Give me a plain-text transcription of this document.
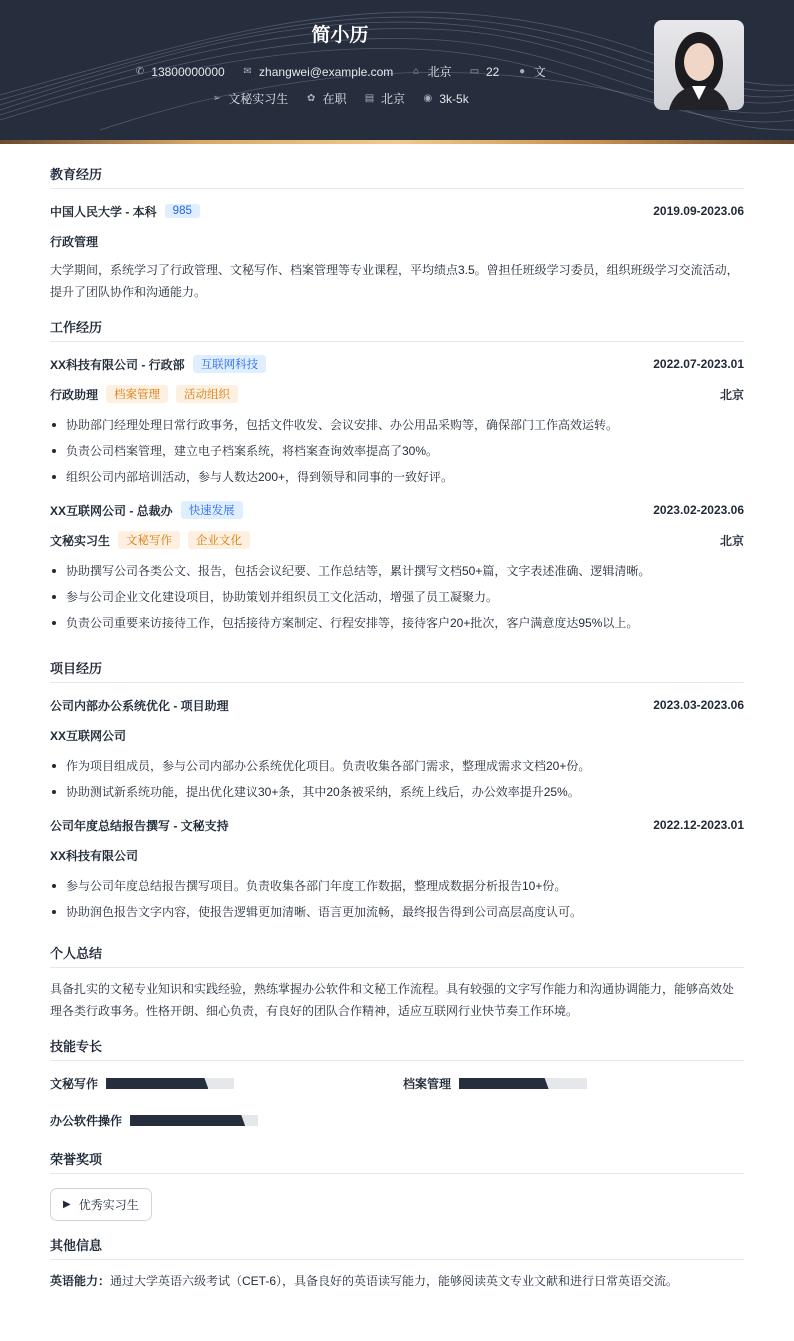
简小历
✆ 13800000000
✉ zhangwei@example.com
⌂ 北京
▭ 22
● 文
➢ 文秘实习生
✿ 在职
▤ 北京
◉ 3k-5k
教育经历
中国人民大学 - 本科	985	2019.09-2023.06
行政管理

大学期间，系统学习了行政管理、文秘写作、档案管理等专业课程，平均绩点3.5。曾担任班级学习委员，组织班级学习交流活动，提升了团队协作和沟通能力。

工作经历
XX科技有限公司 - 行政部	互联网科技	2022.07-2023.01
行政助理	档案管理	活动组织	北京
协助部门经理处理日常行政事务，包括文件收发、会议安排、办公用品采购等，确保部门工作高效运转。
负责公司档案管理，建立电子档案系统，将档案查询效率提高了30%。
组织公司内部培训活动，参与人数达200+，得到领导和同事的一致好评。
XX互联网公司 - 总裁办	快速发展	2023.02-2023.06
文秘实习生	文秘写作	企业文化	北京
协助撰写公司各类公文、报告，包括会议纪要、工作总结等，累计撰写文档50+篇，文字表述准确、逻辑清晰。
参与公司企业文化建设项目，协助策划并组织员工文化活动，增强了员工凝聚力。
负责公司重要来访接待工作，包括接待方案制定、行程安排等，接待客户20+批次，客户满意度达95%以上。
项目经历
公司内部办公系统优化 - 项目助理	2023.03-2023.06
XX互联网公司
作为项目组成员，参与公司内部办公系统优化项目。负责收集各部门需求，整理成需求文档20+份。
协助测试新系统功能，提出优化建议30+条，其中20条被采纳，系统上线后，办公效率提升25%。
公司年度总结报告撰写 - 文秘支持	2022.12-2023.01
XX科技有限公司
参与公司年度总结报告撰写项目。负责收集各部门年度工作数据，整理成数据分析报告10+份。
协助润色报告文字内容，使报告逻辑更加清晰、语言更加流畅，最终报告得到公司高层高度认可。
个人总结

具备扎实的文秘专业知识和实践经验，熟练掌握办公软件和文秘工作流程。具有较强的文字写作能力和沟通协调能力，能够高效处理各类行政事务。性格开朗、细心负责，有良好的团队合作精神，适应互联网行业快节奏工作环境。

技能专长
文秘写作	档案管理
办公软件操作
荣誉奖项
▶ 优秀实习生
其他信息

英语能力：通过大学英语六级考试（CET-6），具备良好的英语读写能力，能够阅读英文专业文献和进行日常英语交流。
